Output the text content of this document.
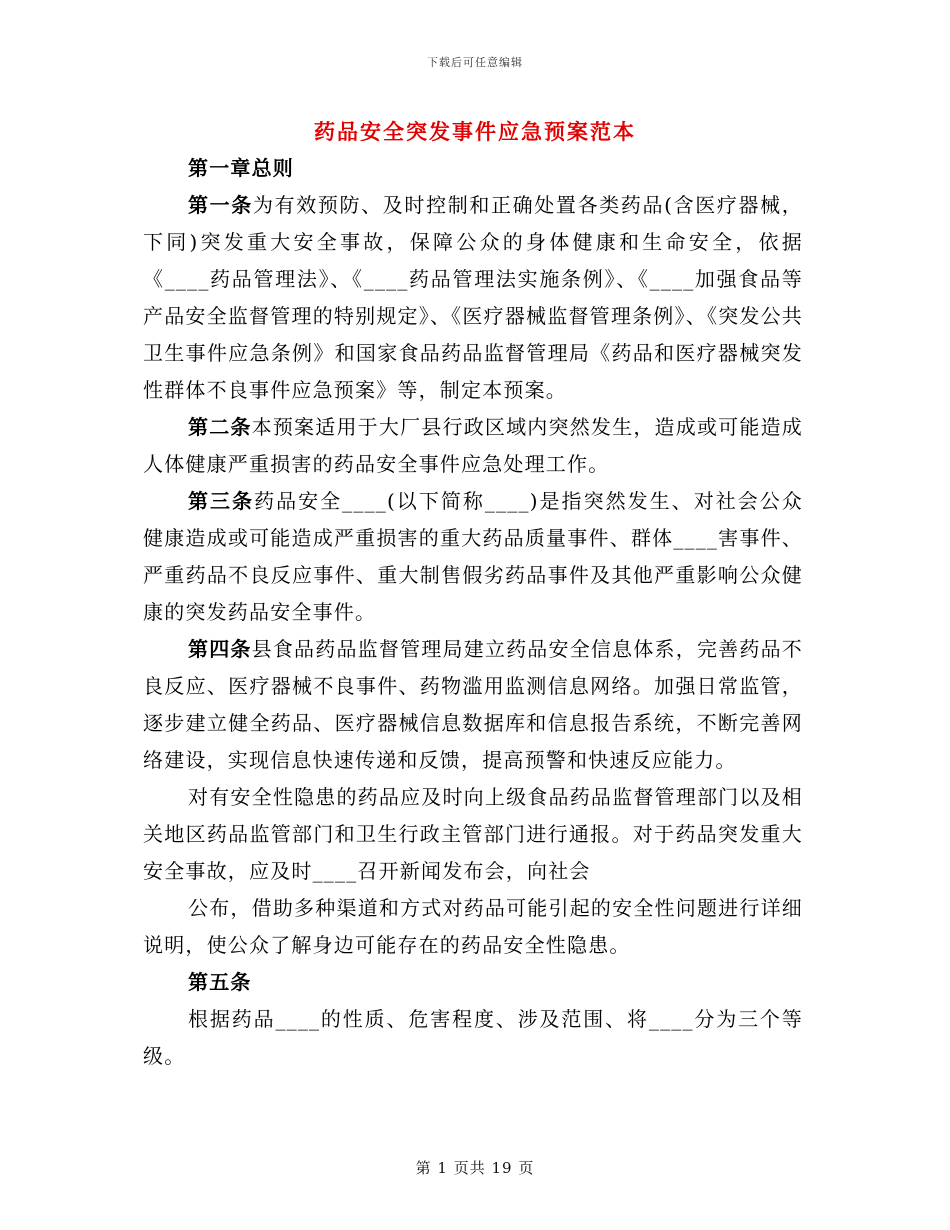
下载后可任意编辑
药品安全突发事件应急预案范本

第一章总则

第一条为有效预防、及时控制和正确处置各类药品(含医疗器械，下同)突发重大安全事故，保障公众的身体健康和生命安全，依据《____药品管理法》、《____药品管理法实施条例》、《____加强食品等产品安全监督管理的特别规定》、《医疗器械监督管理条例》、《突发公共卫生事件应急条例》和国家食品药品监督管理局《药品和医疗器械突发性群体不良事件应急预案》等，制定本预案。

第二条本预案适用于大厂县行政区域内突然发生，造成或可能造成人体健康严重损害的药品安全事件应急处理工作。

第三条药品安全____(以下简称____)是指突然发生、对社会公众健康造成或可能造成严重损害的重大药品质量事件、群体____害事件、严重药品不良反应事件、重大制售假劣药品事件及其他严重影响公众健康的突发药品安全事件。

第四条县食品药品监督管理局建立药品安全信息体系，完善药品不良反应、医疗器械不良事件、药物滥用监测信息网络。加强日常监管，逐步建立健全药品、医疗器械信息数据库和信息报告系统，不断完善网络建设，实现信息快速传递和反馈，提高预警和快速反应能力。

对有安全性隐患的药品应及时向上级食品药品监督管理部门以及相关地区药品监管部门和卫生行政主管部门进行通报。对于药品突发重大安全事故，应及时____召开新闻发布会，向社会

公布，借助多种渠道和方式对药品可能引起的安全性问题进行详细说明，使公众了解身边可能存在的药品安全性隐患。

第五条

根据药品____的性质、危害程度、涉及范围、将____分为三个等级。

第 1 页共 19 页
